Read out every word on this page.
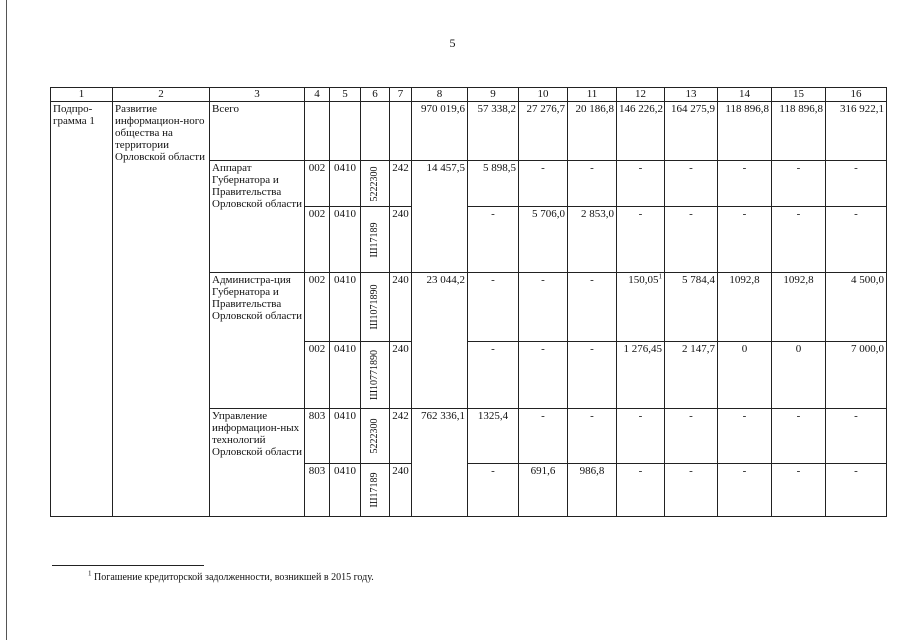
5
1	2	3	4	5	6	7	8	9	10	11	12	13	14	15	16
Подпро-грамма 1	Развитие информацион-ного общества на территории Орловской области	Всего					970 019,6	57 338,2	27 276,7	20 186,8	146 226,2	164 275,9	118 896,8	118 896,8	316 922,1
		Аппарат Губернатора и Правительства Орловской области	002	0410	5222300	242	14 457,5	5 898,5	-	-	-	-	-	-	-
			002	0410	Ш17189	240		-	5 706,0	2 853,0	-	-	-	-	-
		Администра-ция Губернатора и Правительства Орловской области	002	0410	Ш1071890	240	23 044,2	-	-	-	150,05$^1$	5 784,4	1092,8	1092,8	4 500,0
			002	0410	Ш10771890	240		-	-	-	1 276,45	2 147,7	0	0	7 000,0
		Управление информацион-ных технологий Орловской области	803	0410	5222300	242	762 336,1	1325,4	-	-	-	-	-	-	-
			803	0410	Ш17189	240		-	691,6	986,8	-	-	-	-	-
$^1$ Погашение кредиторской задолженности, возникшей в 2015 году.
